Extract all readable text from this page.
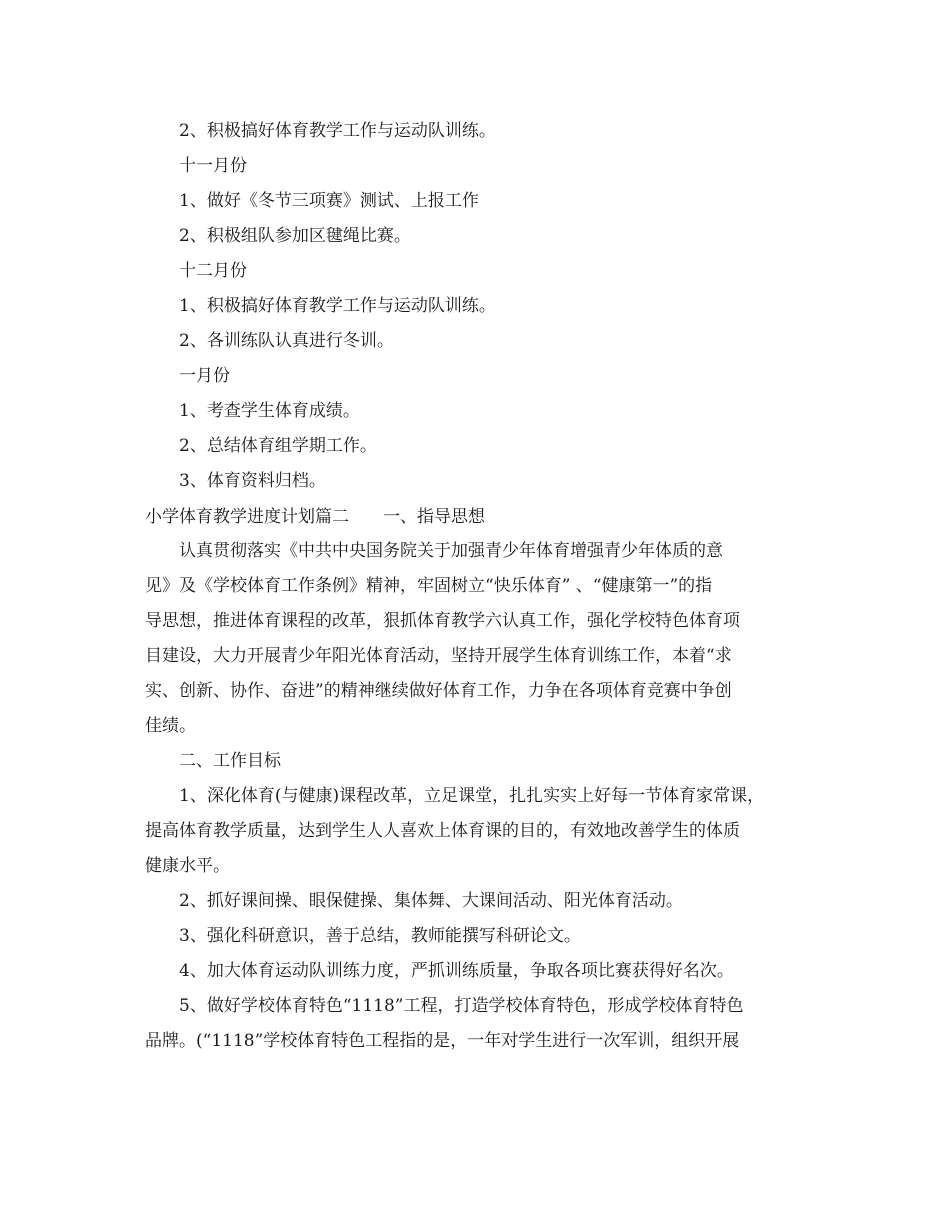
2、积极搞好体育教学工作与运动队训练。
十一月份
1、做好《冬节三项赛》测试、上报工作
2、积极组队参加区毽绳比赛。
十二月份
1、积极搞好体育教学工作与运动队训练。
2、各训练队认真进行冬训。
一月份
1、考查学生体育成绩。
2、总结体育组学期工作。
3、体育资料归档。
小学体育教学进度计划篇二　　一、指导思想
认真贯彻落实《中共中央国务院关于加强青少年体育增强青少年体质的意
见》及《学校体育工作条例》精神，牢固树立“快乐体育” 、“健康第一”的指
导思想，推进体育课程的改革，狠抓体育教学六认真工作，强化学校特色体育项
目建设，大力开展青少年阳光体育活动，坚持开展学生体育训练工作，本着“求
实、创新、协作、奋进”的精神继续做好体育工作，力争在各项体育竞赛中争创
佳绩。
二、工作目标
1、深化体育(与健康)课程改革，立足课堂，扎扎实实上好每一节体育家常课，
提高体育教学质量，达到学生人人喜欢上体育课的目的，有效地改善学生的体质
健康水平。
2、抓好课间操、眼保健操、集体舞、大课间活动、阳光体育活动。
3、强化科研意识，善于总结，教师能撰写科研论文。
4、加大体育运动队训练力度，严抓训练质量，争取各项比赛获得好名次。
5、做好学校体育特色“1118”工程，打造学校体育特色，形成学校体育特色
品牌。(“1118”学校体育特色工程指的是，一年对学生进行一次军训，组织开展
